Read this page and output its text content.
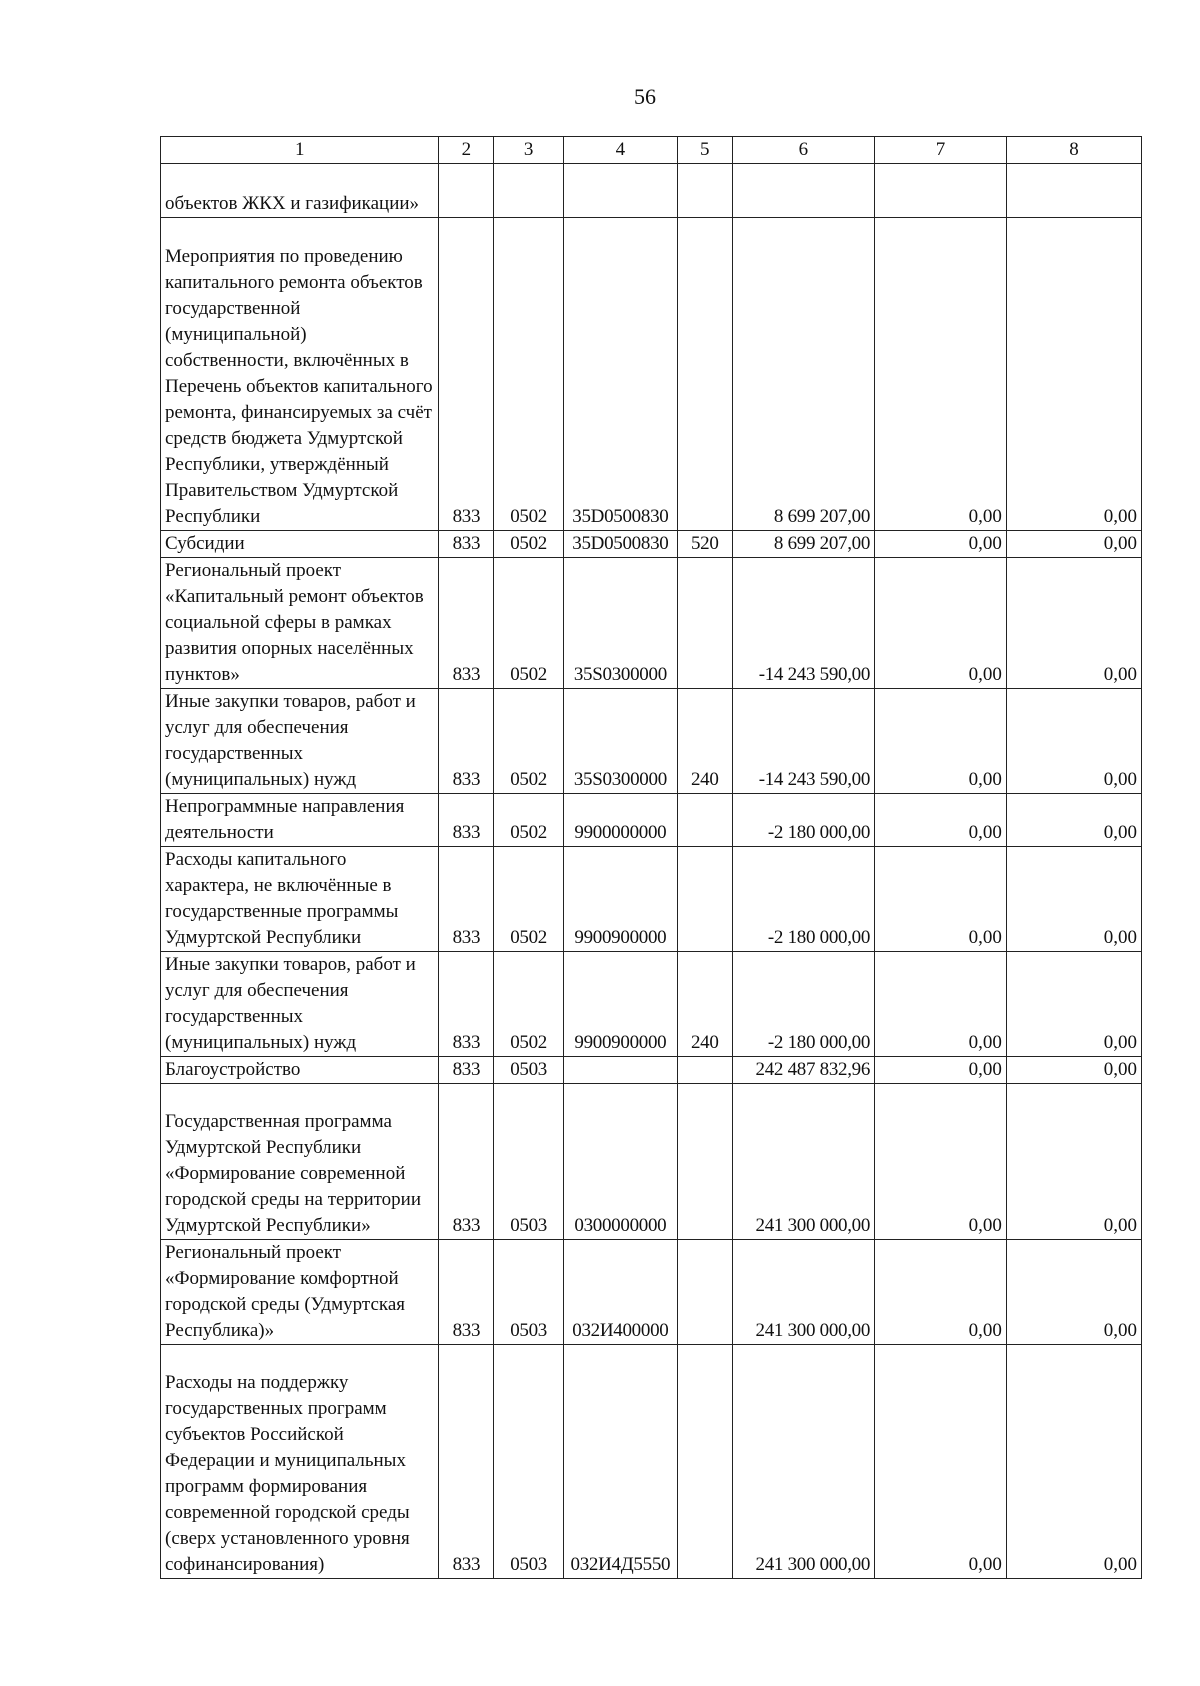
56
1	2	3	4	5	6	7	8
объектов ЖКХ и газификации»							
Мероприятия по проведению капитального ремонта объектов государственной (муниципальной) собственности, включённых в Перечень объектов капитального ремонта, финансируемых за счёт средств бюджета Удмуртской Республики, утверждённый Правительством Удмуртской Республики	833	0502	35D0500830		8 699 207,00	0,00	0,00
Субсидии	833	0502	35D0500830	520	8 699 207,00	0,00	0,00
Региональный проект «Капитальный ремонт объектов социальной сферы в рамках развития опорных населённых пунктов»	833	0502	35S0300000		-14 243 590,00	0,00	0,00
Иные закупки товаров, работ и услуг для обеспечения государственных (муниципальных) нужд	833	0502	35S0300000	240	-14 243 590,00	0,00	0,00
Непрограммные направления деятельности	833	0502	9900000000		-2 180 000,00	0,00	0,00
Расходы капитального характера, не включённые в государственные программы Удмуртской Республики	833	0502	9900900000		-2 180 000,00	0,00	0,00
Иные закупки товаров, работ и услуг для обеспечения государственных (муниципальных) нужд	833	0502	9900900000	240	-2 180 000,00	0,00	0,00
Благоустройство	833	0503			242 487 832,96	0,00	0,00
Государственная программа Удмуртской Республики «Формирование современной городской среды на территории Удмуртской Республики»	833	0503	0300000000		241 300 000,00	0,00	0,00
Региональный проект «Формирование комфортной городской среды (Удмуртская Республика)»	833	0503	032И400000		241 300 000,00	0,00	0,00
Расходы на поддержку государственных программ субъектов Российской Федерации и муниципальных программ формирования современной городской среды (сверх установленного уровня софинансирования)	833	0503	032И4Д5550		241 300 000,00	0,00	0,00
